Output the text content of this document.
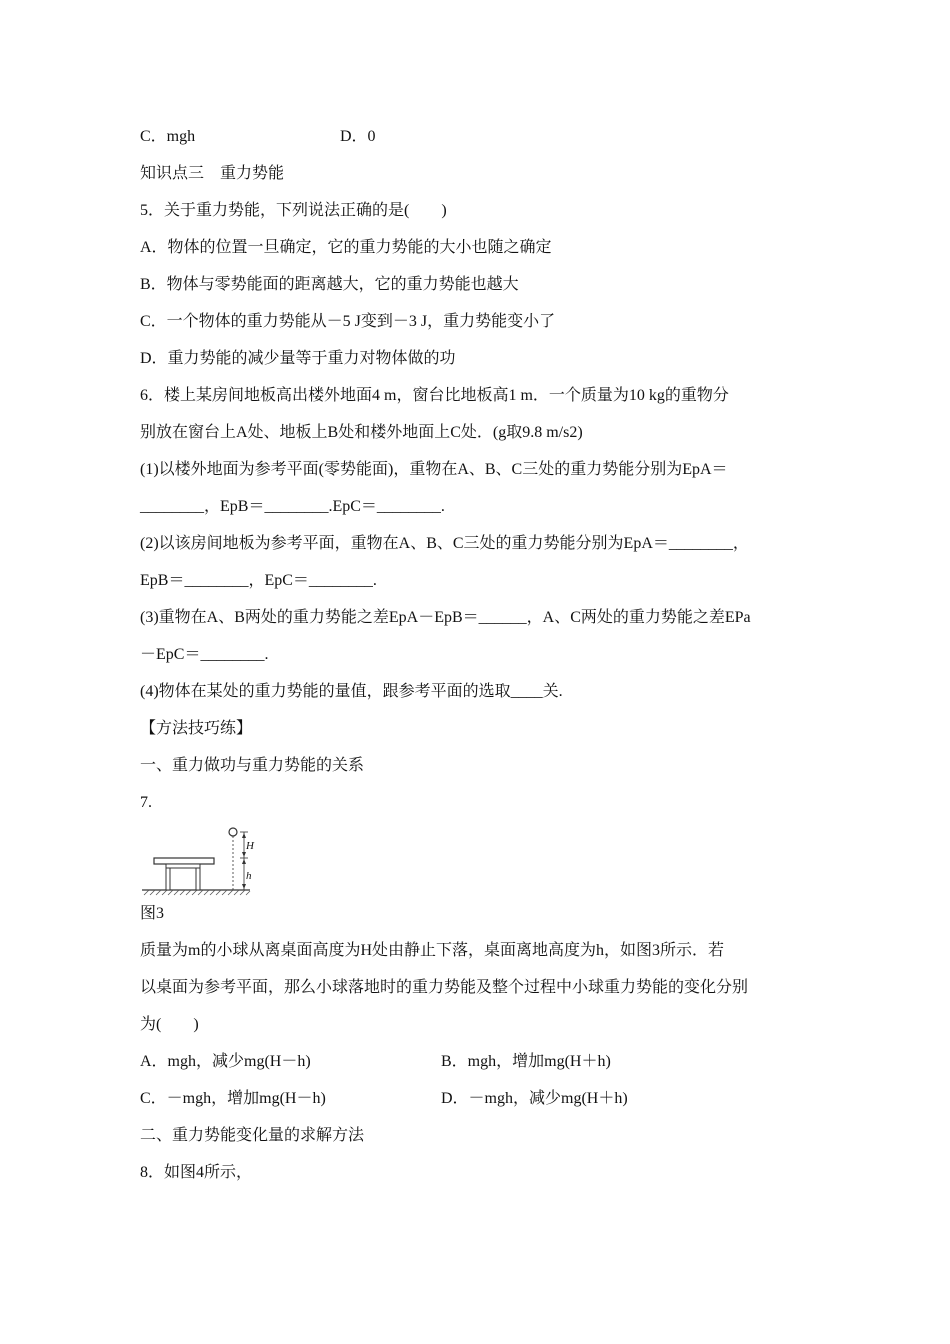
C．mgh	D．0
知识点三　重力势能
5．关于重力势能，下列说法正确的是(　　)
A．物体的位置一旦确定，它的重力势能的大小也随之确定
B．物体与零势能面的距离越大，它的重力势能也越大
C．一个物体的重力势能从－5 J变到－3 J，重力势能变小了
D．重力势能的减少量等于重力对物体做的功
6．楼上某房间地板高出楼外地面4 m，窗台比地板高1 m．一个质量为10 kg的重物分
别放在窗台上A处、地板上B处和楼外地面上C处．(g取9.8 m/s2)
(1)以楼外地面为参考平面(零势能面)，重物在A、B、C三处的重力势能分别为EpA＝
________，EpB＝________.EpC＝________.
(2)以该房间地板为参考平面，重物在A、B、C三处的重力势能分别为EpA＝________，
EpB＝________，EpC＝________.
(3)重物在A、B两处的重力势能之差EpA－EpB＝______，A、C两处的重力势能之差EPa
－EpC＝________.
(4)物体在某处的重力势能的量值，跟参考平面的选取____关.
【方法技巧练】
一、重力做功与重力势能的关系
7.
H
h
图3
质量为m的小球从离桌面高度为H处由静止下落，桌面离地高度为h，如图3所示．若
以桌面为参考平面，那么小球落地时的重力势能及整个过程中小球重力势能的变化分别
为(　　)
A．mgh，减少mg(H－h)	B．mgh，增加mg(H＋h)
C．－mgh，增加mg(H－h)	D．－mgh，减少mg(H＋h)
二、重力势能变化量的求解方法
8．如图4所示，
